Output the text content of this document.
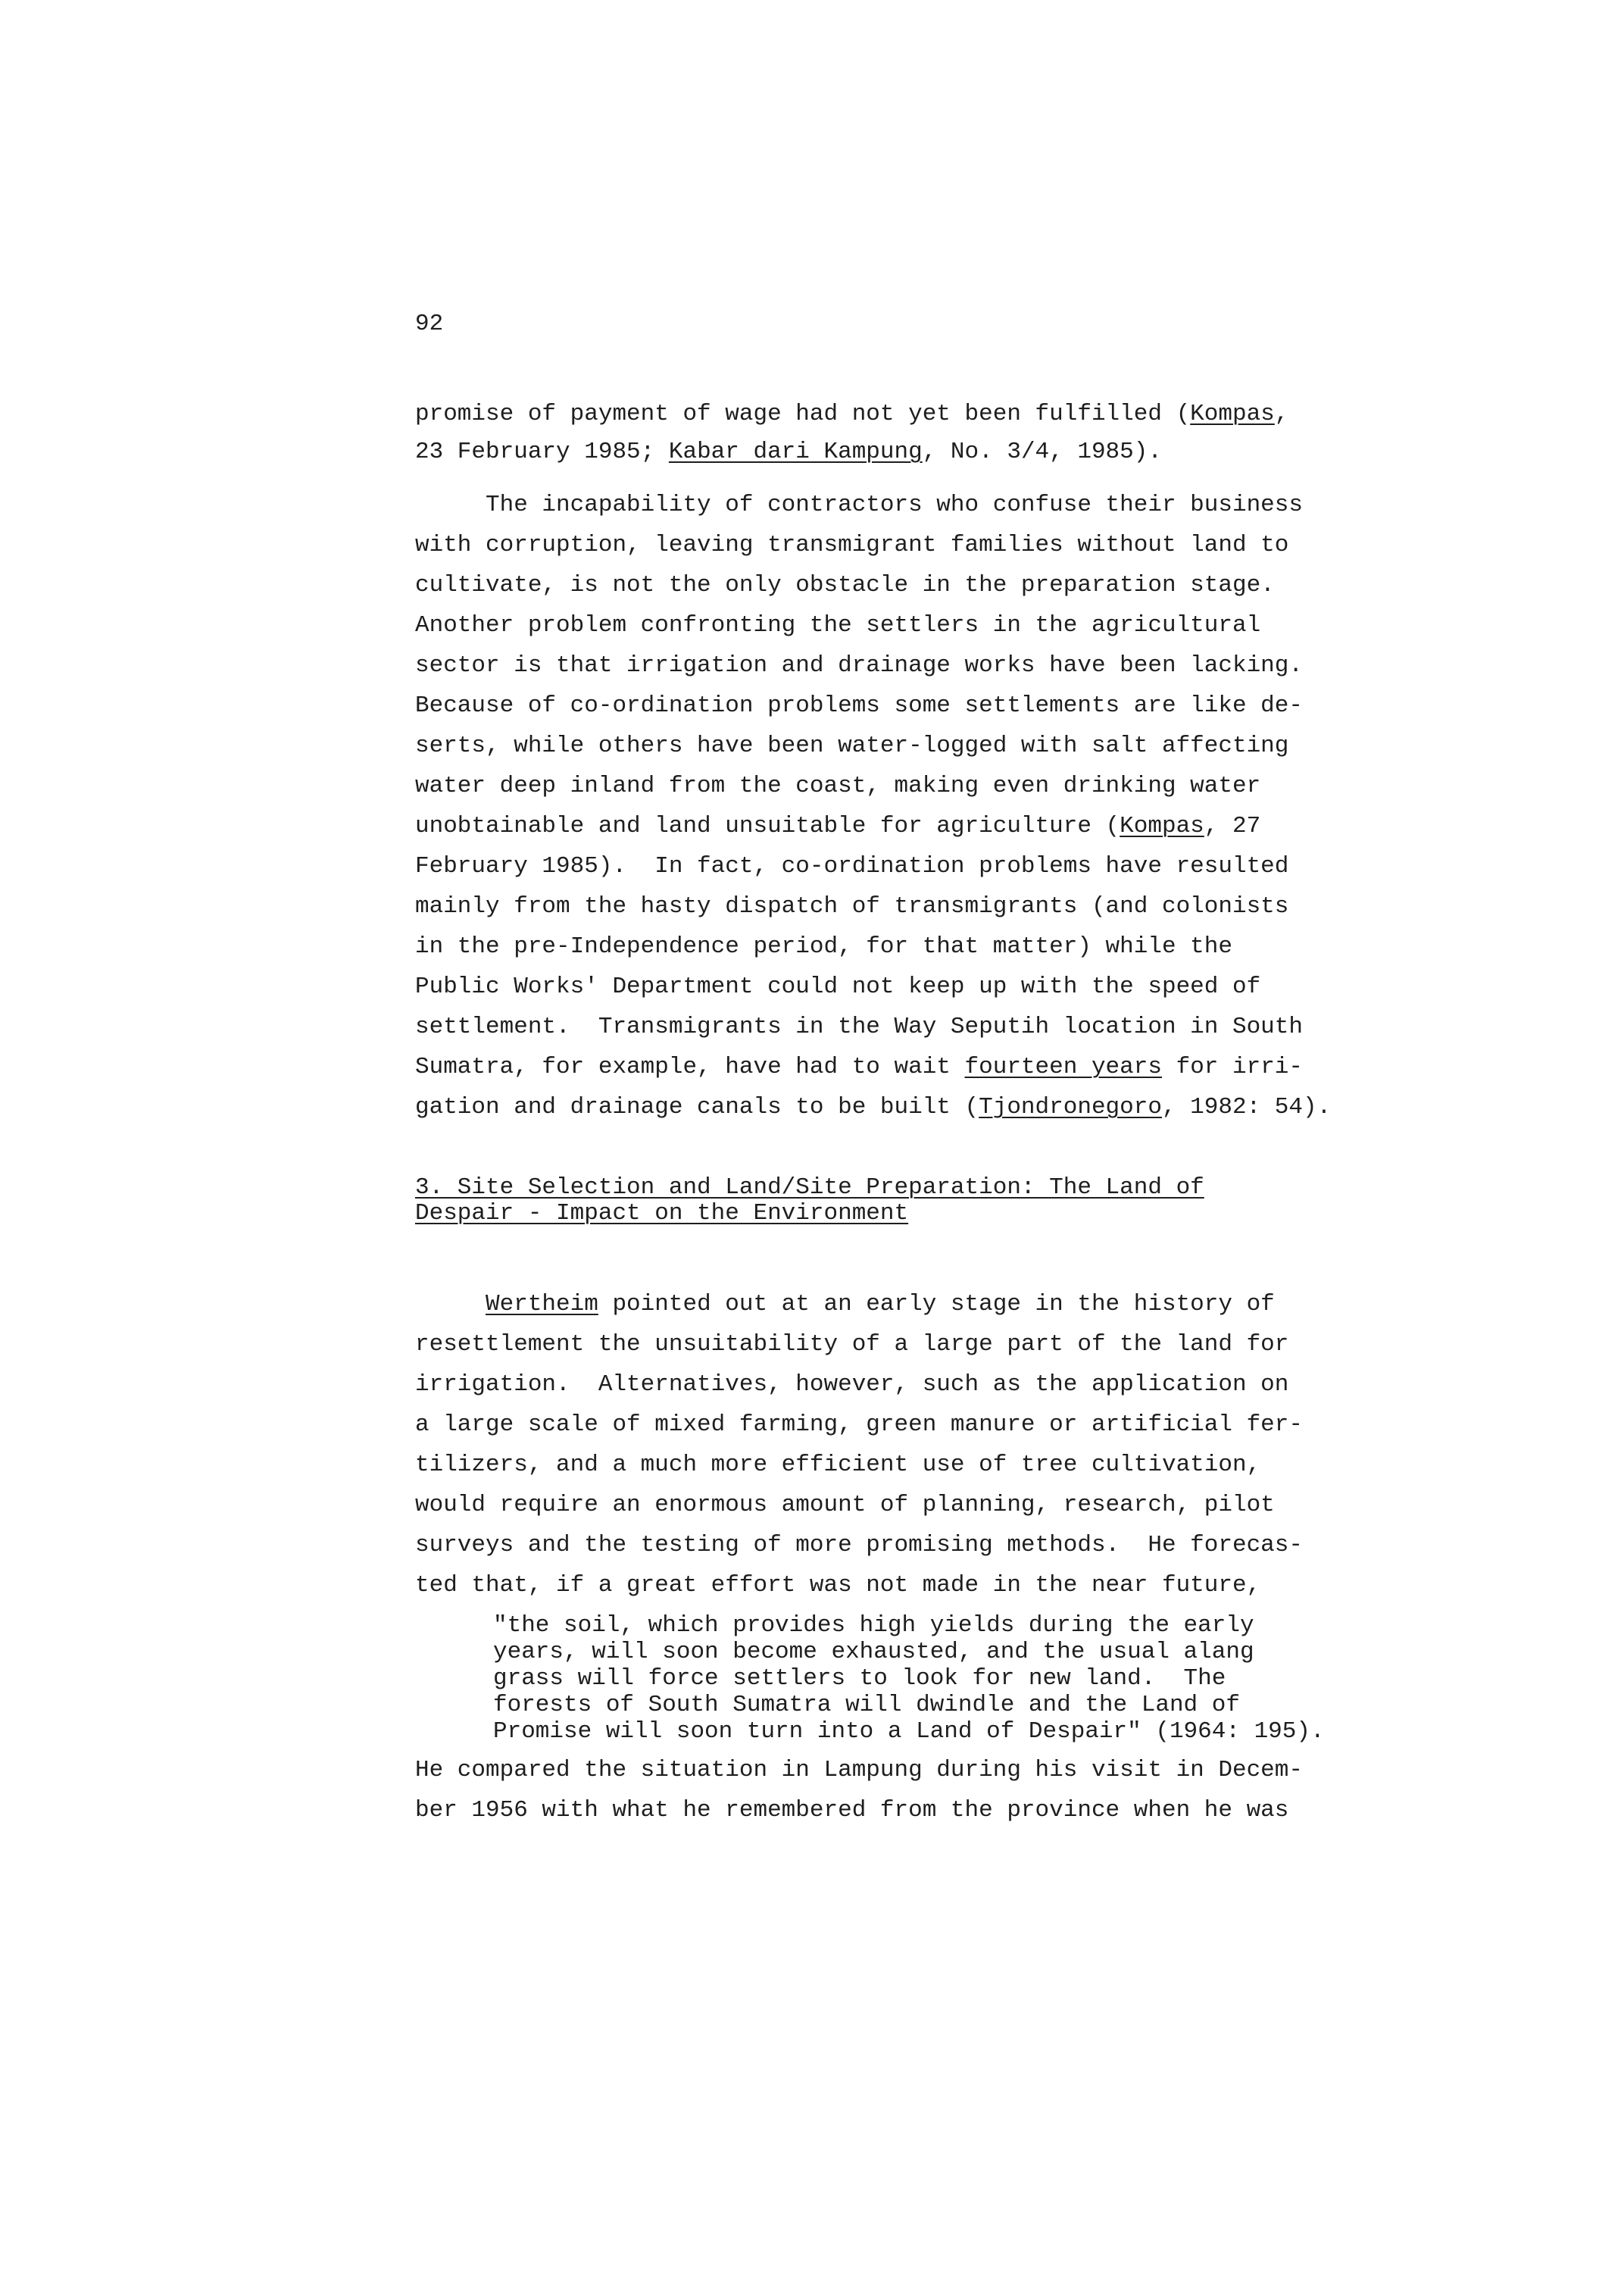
92
promise of payment of wage had not yet been fulfilled (Kompas,
23 February 1985; Kabar dari Kampung, No. 3/4, 1985).
The incapability of contractors who confuse their business
with corruption, leaving transmigrant families without land to
cultivate, is not the only obstacle in the preparation stage.
Another problem confronting the settlers in the agricultural
sector is that irrigation and drainage works have been lacking.
Because of co-ordination problems some settlements are like de-
serts, while others have been water-logged with salt affecting
water deep inland from the coast, making even drinking water
unobtainable and land unsuitable for agriculture (Kompas, 27
February 1985).  In fact, co-ordination problems have resulted
mainly from the hasty dispatch of transmigrants (and colonists
in the pre-Independence period, for that matter) while the
Public Works' Department could not keep up with the speed of
settlement.  Transmigrants in the Way Seputih location in South
Sumatra, for example, have had to wait fourteen years for irri-
gation and drainage canals to be built (Tjondronegoro, 1982: 54).
3. Site Selection and Land/Site Preparation: The Land of
Despair - Impact on the Environment
Wertheim pointed out at an early stage in the history of
resettlement the unsuitability of a large part of the land for
irrigation.  Alternatives, however, such as the application on
a large scale of mixed farming, green manure or artificial fer-
tilizers, and a much more efficient use of tree cultivation,
would require an enormous amount of planning, research, pilot
surveys and the testing of more promising methods.  He forecas-
ted that, if a great effort was not made in the near future,
"the soil, which provides high yields during the early
years, will soon become exhausted, and the usual alang
grass will force settlers to look for new land.  The
forests of South Sumatra will dwindle and the Land of
Promise will soon turn into a Land of Despair" (1964: 195).
He compared the situation in Lampung during his visit in Decem-
ber 1956 with what he remembered from the province when he was
